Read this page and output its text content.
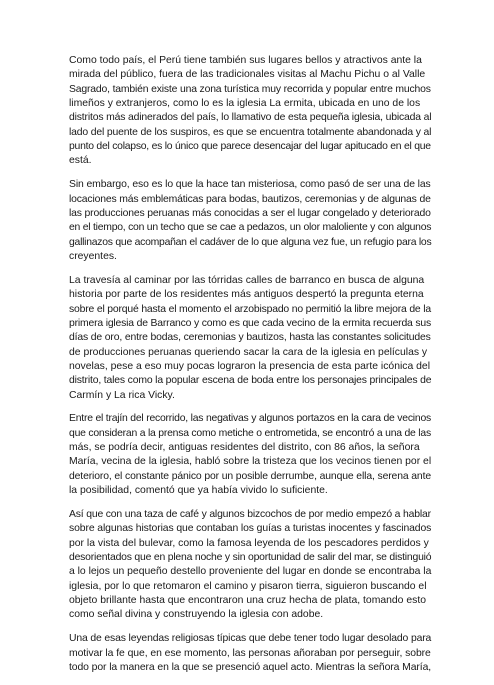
Como todo país, el Perú tiene también sus lugares bellos y atractivos ante la
mirada del público, fuera de las tradicionales visitas al Machu Pichu o al Valle
Sagrado, también existe una zona turística muy recorrida y popular entre muchos
limeños y extranjeros, como lo es la iglesia La ermita, ubicada en uno de los
distritos más adinerados del país, lo llamativo de esta pequeña iglesia, ubicada al
lado del puente de los suspiros, es que se encuentra totalmente abandonada y al
punto del colapso, es lo único que parece desencajar del lugar apitucado en el que
está.

Sin embargo, eso es lo que la hace tan misteriosa, como pasó de ser una de las
locaciones más emblemáticas para bodas, bautizos, ceremonias y de algunas de
las producciones peruanas más conocidas a ser el lugar congelado y deteriorado
en el tiempo, con un techo que se cae a pedazos, un olor maloliente y con algunos
gallinazos que acompañan el cadáver de lo que alguna vez fue, un refugio para los
creyentes.

La travesía al caminar por las tórridas calles de barranco en busca de alguna
historia por parte de los residentes más antiguos despertó la pregunta eterna
sobre el porqué hasta el momento el arzobispado no permitió la libre mejora de la
primera iglesia de Barranco y como es que cada vecino de la ermita recuerda sus
días de oro, entre bodas, ceremonias y bautizos, hasta las constantes solicitudes
de producciones peruanas queriendo sacar la cara de la iglesia en películas y
novelas, pese a eso muy pocas lograron la presencia de esta parte icónica del
distrito, tales como la popular escena de boda entre los personajes principales de
Carmín y La rica Vicky.

Entre el trajín del recorrido, las negativas y algunos portazos en la cara de vecinos
que consideran a la prensa como metiche o entrometida, se encontró a una de las
más, se podría decir, antiguas residentes del distrito, con 86 años, la señora
María, vecina de la iglesia, habló sobre la tristeza que los vecinos tienen por el
deterioro, el constante pánico por un posible derrumbe, aunque ella, serena ante
la posibilidad, comentó que ya había vivido lo suficiente.

Así que con una taza de café y algunos bizcochos de por medio empezó a hablar
sobre algunas historias que contaban los guías a turistas inocentes y fascinados
por la vista del bulevar, como la famosa leyenda de los pescadores perdidos y
desorientados que en plena noche y sin oportunidad de salir del mar, se distinguió
a lo lejos un pequeño destello proveniente del lugar en donde se encontraba la
iglesia, por lo que retomaron el camino y pisaron tierra, siguieron buscando el
objeto brillante hasta que encontraron una cruz hecha de plata, tomando esto
como señal divina y construyendo la iglesia con adobe.

Una de esas leyendas religiosas típicas que debe tener todo lugar desolado para
motivar la fe que, en ese momento, las personas añoraban por perseguir, sobre
todo por la manera en la que se presenció aquel acto. Mientras la señora María,
